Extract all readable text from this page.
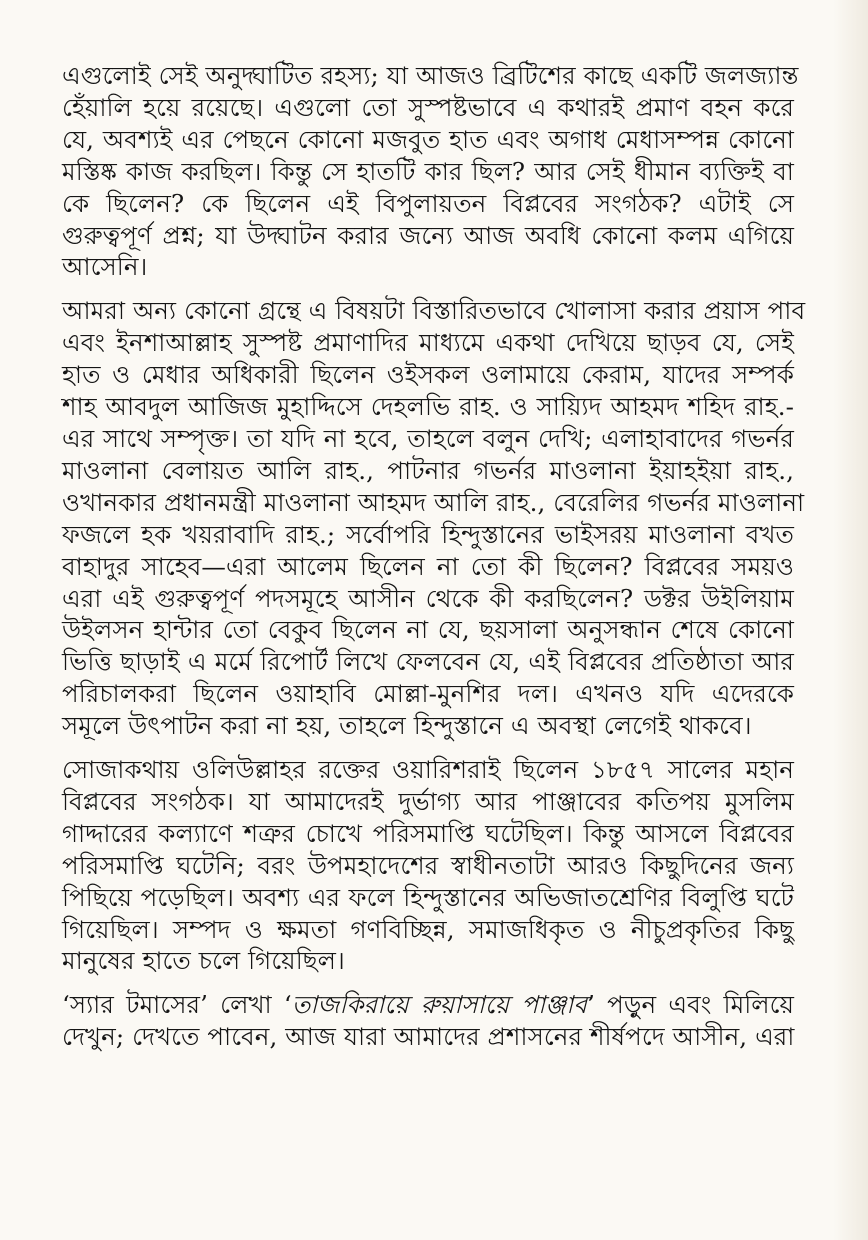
এগুলোই সেই অনুদ্ঘাটিত রহস্য; যা আজও ব্রিটিশের কাছে একটি জলজ্যান্ত
হেঁয়ালি হয়ে রয়েছে। এগুলো তো সুস্পষ্টভাবে এ কথারই প্রমাণ বহন করে
যে, অবশ্যই এর পেছনে কোনো মজবুত হাত এবং অগাধ মেধাসম্পন্ন কোনো
মস্তিষ্ক কাজ করছিল। কিন্তু সে হাতটি কার ছিল? আর সেই ধীমান ব্যক্তিই বা
কে ছিলেন? কে ছিলেন এই বিপুলায়তন বিপ্লবের সংগঠক? এটাই সে
গুরুত্বপূর্ণ প্রশ্ন; যা উদ্ঘাটন করার জন্যে আজ অবধি কোনো কলম এগিয়ে
আসেনি।

আমরা অন্য কোনো গ্রন্থে এ বিষয়টা বিস্তারিতভাবে খোলাসা করার প্রয়াস পাব
এবং ইনশাআল্লাহ সুস্পষ্ট প্রমাণাদির মাধ্যমে একথা দেখিয়ে ছাড়ব যে, সেই
হাত ও মেধার অধিকারী ছিলেন ওইসকল ওলামায়ে কেরাম, যাদের সম্পর্ক
শাহ আবদুল আজিজ মুহাদ্দিসে দেহলভি রাহ. ও সায়্যিদ আহমদ শহিদ রাহ.-
এর সাথে সম্পৃক্ত। তা যদি না হবে, তাহলে বলুন দেখি; এলাহাবাদের গভর্নর
মাওলানা বেলায়ত আলি রাহ., পাটনার গভর্নর মাওলানা ইয়াহইয়া রাহ.,
ওখানকার প্রধানমন্ত্রী মাওলানা আহমদ আলি রাহ., বেরেলির গভর্নর মাওলানা
ফজলে হক খয়রাবাদি রাহ.; সর্বোপরি হিন্দুস্তানের ভাইসরয় মাওলানা বখত
বাহাদুর সাহেব—এরা আলেম ছিলেন না তো কী ছিলেন? বিপ্লবের সময়ও
এরা এই গুরুত্বপূর্ণ পদসমূহে আসীন থেকে কী করছিলেন? ডক্টর উইলিয়াম
উইলসন হান্টার তো বেকুব ছিলেন না যে, ছয়সালা অনুসন্ধান শেষে কোনো
ভিত্তি ছাড়াই এ মর্মে রিপোর্ট লিখে ফেলবেন যে, এই বিপ্লবের প্রতিষ্ঠাতা আর
পরিচালকরা ছিলেন ওয়াহাবি মোল্লা-মুনশির দল। এখনও যদি এদেরকে
সমূলে উৎপাটন করা না হয়, তাহলে হিন্দুস্তানে এ অবস্থা লেগেই থাকবে।

সোজাকথায় ওলিউল্লাহর রক্তের ওয়ারিশরাই ছিলেন ১৮৫৭ সালের মহান
বিপ্লবের সংগঠক। যা আমাদেরই দুর্ভাগ্য আর পাঞ্জাবের কতিপয় মুসলিম
গাদ্দারের কল্যাণে শত্রুর চোখে পরিসমাপ্তি ঘটেছিল। কিন্তু আসলে বিপ্লবের
পরিসমাপ্তি ঘটেনি; বরং উপমহাদেশের স্বাধীনতাটা আরও কিছুদিনের জন্য
পিছিয়ে পড়েছিল। অবশ্য এর ফলে হিন্দুস্তানের অভিজাতশ্রেণির বিলুপ্তি ঘটে
গিয়েছিল। সম্পদ ও ক্ষমতা গণবিচ্ছিন্ন, সমাজধিকৃত ও নীচুপ্রকৃতির কিছু
মানুষের হাতে চলে গিয়েছিল।

‘স্যার টমাসের’ লেখা ‘তাজকিরায়ে রুয়াসায়ে পাঞ্জাব’ পড়ুন এবং মিলিয়ে
দেখুন; দেখতে পাবেন, আজ যারা আমাদের প্রশাসনের শীর্ষপদে আসীন, এরা
